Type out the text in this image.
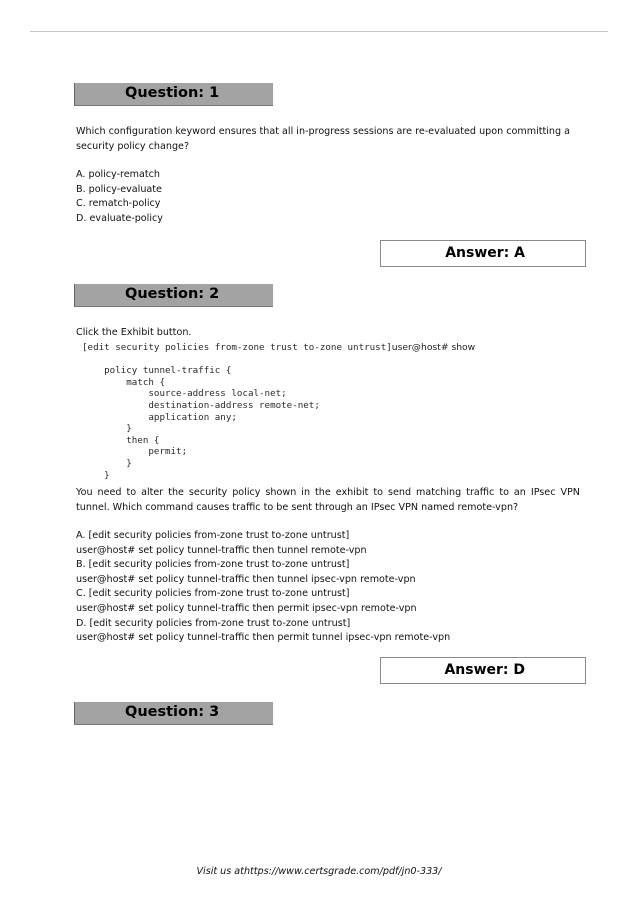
Question: 1
Which configuration keyword ensures that all in-progress sessions are re-evaluated upon committing a
security policy change?
A. policy-rematch
B. policy-evaluate
C. rematch-policy
D. evaluate-policy
Answer: A
Question: 2
Click the Exhibit button.
[edit security policies from-zone trust to-zone untrust]user@host# show

policy tunnel-traffic {
match {
source-address local-net;
destination-address remote-net;
application any;
}
then {
permit;
}
}
You need to alter the security policy shown in the exhibit to send matching traffic to an IPsec VPN tunnel. Which command causes traffic to be sent through an IPsec VPN named remote-vpn?
A. [edit security policies from-zone trust to-zone untrust]
user@host# set policy tunnel-traffic then tunnel remote-vpn
B. [edit security policies from-zone trust to-zone untrust]
user@host# set policy tunnel-traffic then tunnel ipsec-vpn remote-vpn
C. [edit security policies from-zone trust to-zone untrust]
user@host# set policy tunnel-traffic then permit ipsec-vpn remote-vpn
D. [edit security policies from-zone trust to-zone untrust]
user@host# set policy tunnel-traffic then permit tunnel ipsec-vpn remote-vpn
Answer: D
Question: 3
Visit us athttps://www.certsgrade.com/pdf/jn0-333/
